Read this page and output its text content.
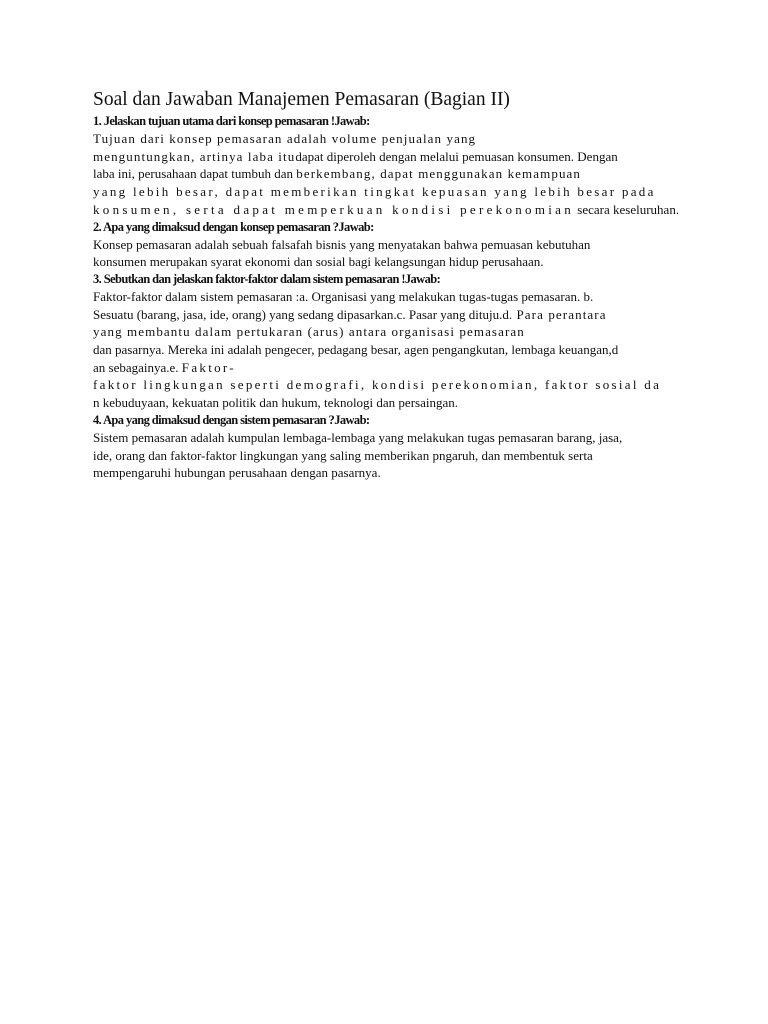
Soal dan Jawaban Manajemen Pemasaran (Bagian II)

1. Jelaskan tujuan utama dari konsep pemasaran !Jawab:

Tujuan dari konsep pemasaran adalah volume penjualan yang

menguntungkan, artinya laba itudapat diperoleh dengan melalui pemuasan konsumen. Dengan

laba ini, perusahaan dapat tumbuh dan berkembang, dapat menggunakan kemampuan

yang lebih besar, dapat memberikan tingkat kepuasan yang lebih besar pada

konsumen, serta dapat memperkuan kondisi perekonomian secara keseluruhan.

2. Apa yang dimaksud dengan konsep pemasaran ?Jawab:

Konsep pemasaran adalah sebuah falsafah bisnis yang menyatakan bahwa pemuasan kebutuhan

konsumen merupakan syarat ekonomi dan sosial bagi kelangsungan hidup perusahaan.

3. Sebutkan dan jelaskan faktor-faktor dalam sistem pemasaran !Jawab:

Faktor-faktor dalam sistem pemasaran :a. Organisasi yang melakukan tugas-tugas pemasaran. b.

Sesuatu (barang, jasa, ide, orang) yang sedang dipasarkan.c. Pasar yang dituju.d. Para perantara

yang membantu dalam pertukaran (arus) antara organisasi pemasaran

dan pasarnya. Mereka ini adalah pengecer, pedagang besar, agen pengangkutan, lembaga keuangan,d

an sebagainya.e. Faktor-

faktor lingkungan seperti demografi, kondisi perekonomian, faktor sosial da

n kebuduyaan, kekuatan politik dan hukum, teknologi dan persaingan.

4. Apa yang dimaksud dengan sistem pemasaran ?Jawab:

Sistem pemasaran adalah kumpulan lembaga-lembaga yang melakukan tugas pemasaran barang, jasa,

ide, orang dan faktor-faktor lingkungan yang saling memberikan pngaruh, dan membentuk serta

mempengaruhi hubungan perusahaan dengan pasarnya.
